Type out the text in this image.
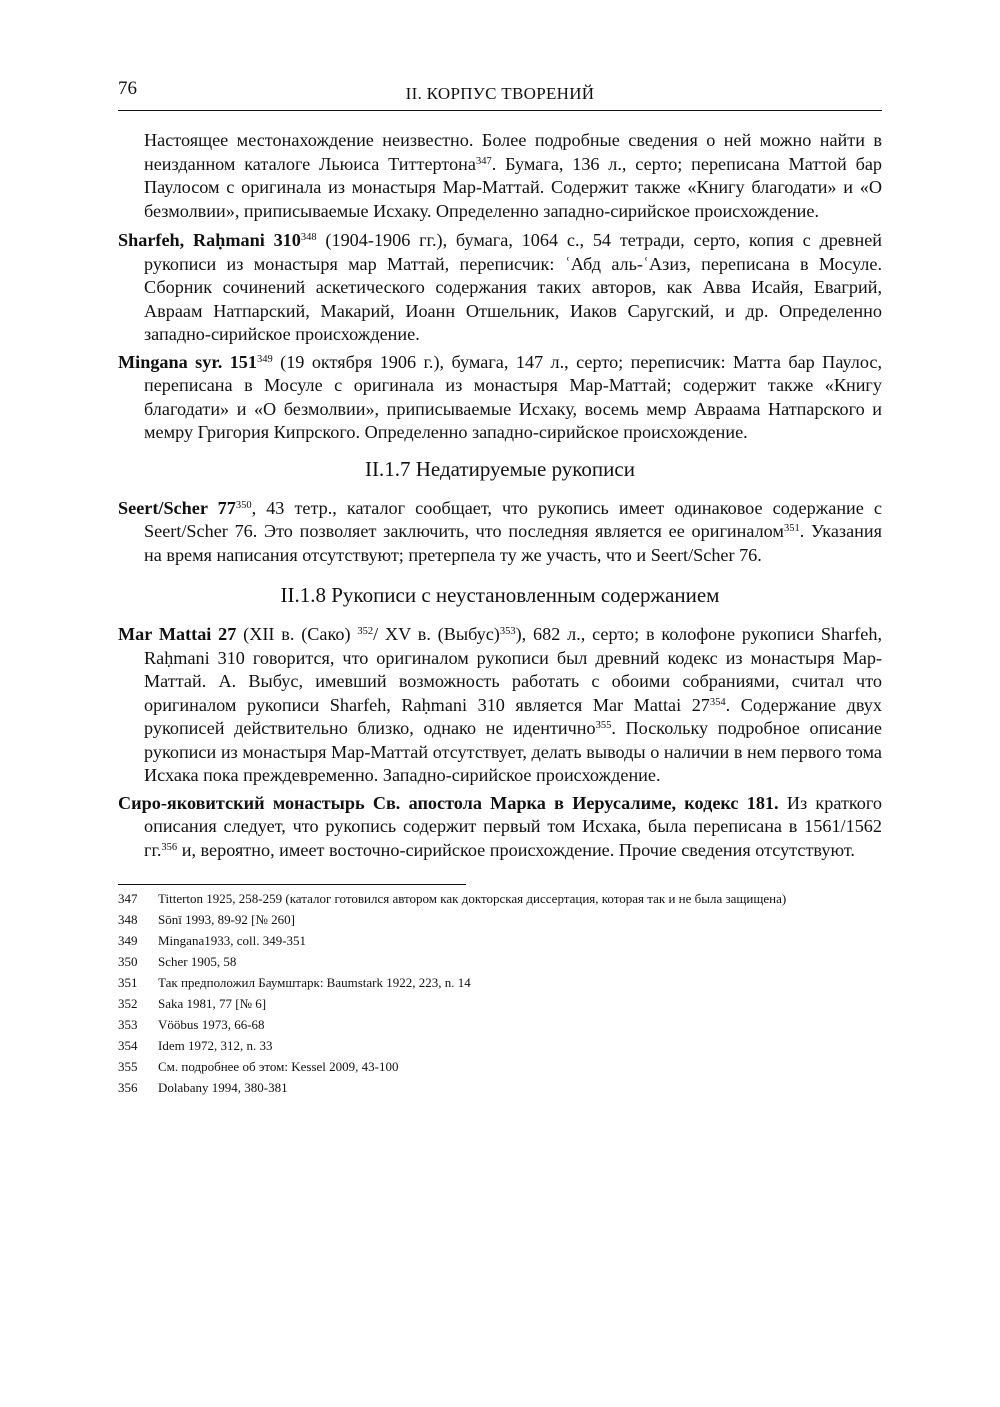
76	II. КОРПУС ТВОРЕНИЙ

Настоящее местонахождение неизвестно. Более подробные сведения о ней можно найти в неизданном каталоге Льюиса Титтертона$^{347}$. Бумага, 136 л., серто; переписана Маттой бар Паулосом с оригинала из монастыря Мар-Маттай. Содержит также «Книгу благодати» и «О безмолвии», приписываемые Исхаку. Определенно западно-сирийское происхождение.

Sharfeh, Raḥmani $310^{348}$ (1904-1906 гг.), бумага, 1064 с., 54 тетради, серто, копия с древней рукописи из монастыря мар Маттай, переписчик: ʿАбд аль-ʿАзиз, переписана в Мосуле. Сборник сочинений аскетического содержания таких авторов, как Авва Исайя, Евагрий, Авраам Натпарский, Макарий, Иоанн Отшельник, Иаков Саругский, и др. Определенно западно-сирийское происхождение.

Mingana syr. $151^{349}$ (19 октября 1906 г.), бумага, 147 л., серто; переписчик: Матта бар Паулос, переписана в Мосуле с оригинала из монастыря Мар-Маттай; содержит также «Книгу благодати» и «О безмолвии», приписываемые Исхаку, восемь мемр Авраама Натпарского и мемру Григория Кипрского. Определенно западно-сирийское происхождение.

II.1.7 Недатируемые рукописи

Seert/Scher $77^{350}$, 43 тетр., каталог сообщает, что рукопись имеет одинаковое содержание с Seert/Scher 76. Это позволяет заключить, что последняя является ее оригиналом$^{351}$. Указания на время написания отсутствуют; претерпела ту же участь, что и Seert/Scher 76.

II.1.8 Рукописи с неустановленным содержанием

Mar Mattai 27 (XII в. (Сако) $^{352}$/ XV в. (Выбус)$^{353}$), 682 л., серто; в колофоне рукописи Sharfeh, Raḥmani 310 говорится, что оригиналом рукописи был древний кодекс из монастыря Мар-Маттай. А. Выбус, имевший возможность работать с обоими собраниями, считал что оригиналом рукописи Sharfeh, Raḥmani 310 является Mar Mattai $27^{354}$. Содержание двух рукописей действительно близко, однако не идентично$^{355}$. Поскольку подробное описание рукописи из монастыря Мар-Маттай отсутствует, делать выводы о наличии в нем первого тома Исхака пока преждевременно. Западно-сирийское происхождение.

Сиро-яковитский монастырь Св. апостола Марка в Иерусалиме, кодекс 181. Из краткого описания следует, что рукопись содержит первый том Исхака, была переписана в 1561/1562 гг.$^{356}$ и, вероятно, имеет восточно-сирийское происхождение. Прочие сведения отсутствуют.

347	Titterton 1925, 258-259 (каталог готовился автором как докторская диссертация, которая так и не была защищена)
348	Sōnī 1993, 89-92 [№ 260]
349	Mingana1933, coll. 349-351
350	Scher 1905, 58
351	Так предположил Баумштарк: Baumstark 1922, 223, n. 14
352	Saka 1981, 77 [№ 6]
353	Vööbus 1973, 66-68
354	Idem 1972, 312, n. 33
355	См. подробнее об этом: Kessel 2009, 43-100
356	Dolabany 1994, 380-381
